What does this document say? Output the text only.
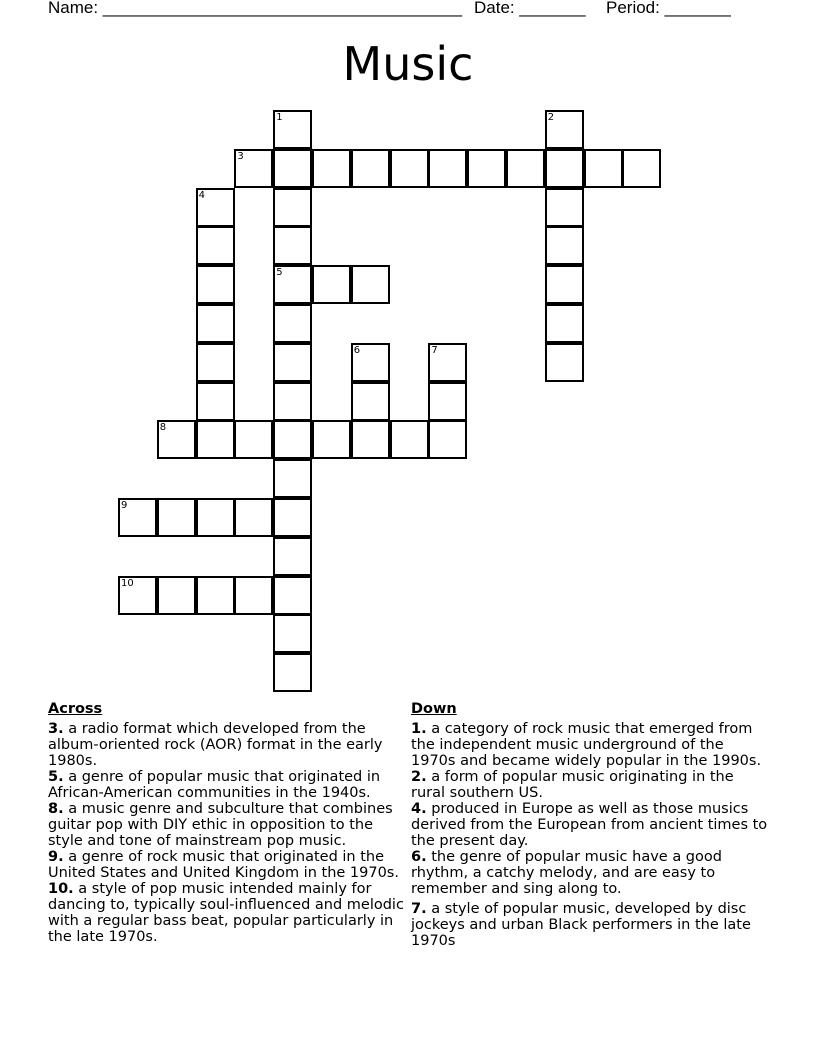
Name: ______________________________________ Date: _______ Period: _______
Music
1
5
2
3
4
6	7
8
9
10
Across

3. a radio format which developed from the album-oriented rock (AOR) format in the early 1980s.

5. a genre of popular music that originated in African-American communities in the 1940s.

8. a music genre and subculture that combines guitar pop with DIY ethic in opposition to the style and tone of mainstream pop music.

9. a genre of rock music that originated in the United States and United Kingdom in the 1970s.

10. a style of pop music intended mainly for dancing to, typically soul-influenced and melodic with a regular bass beat, popular particularly in the late 1970s.

Down

1. a category of rock music that emerged from the independent music underground of the 1970s and became widely popular in the 1990s.

2. a form of popular music originating in the rural southern US.

4. produced in Europe as well as those musics derived from the European from ancient times to the present day.

6. the genre of popular music have a good rhythm, a catchy melody, and are easy to remember and sing along to.

7. a style of popular music, developed by disc jockeys and urban Black performers in the late 1970s
